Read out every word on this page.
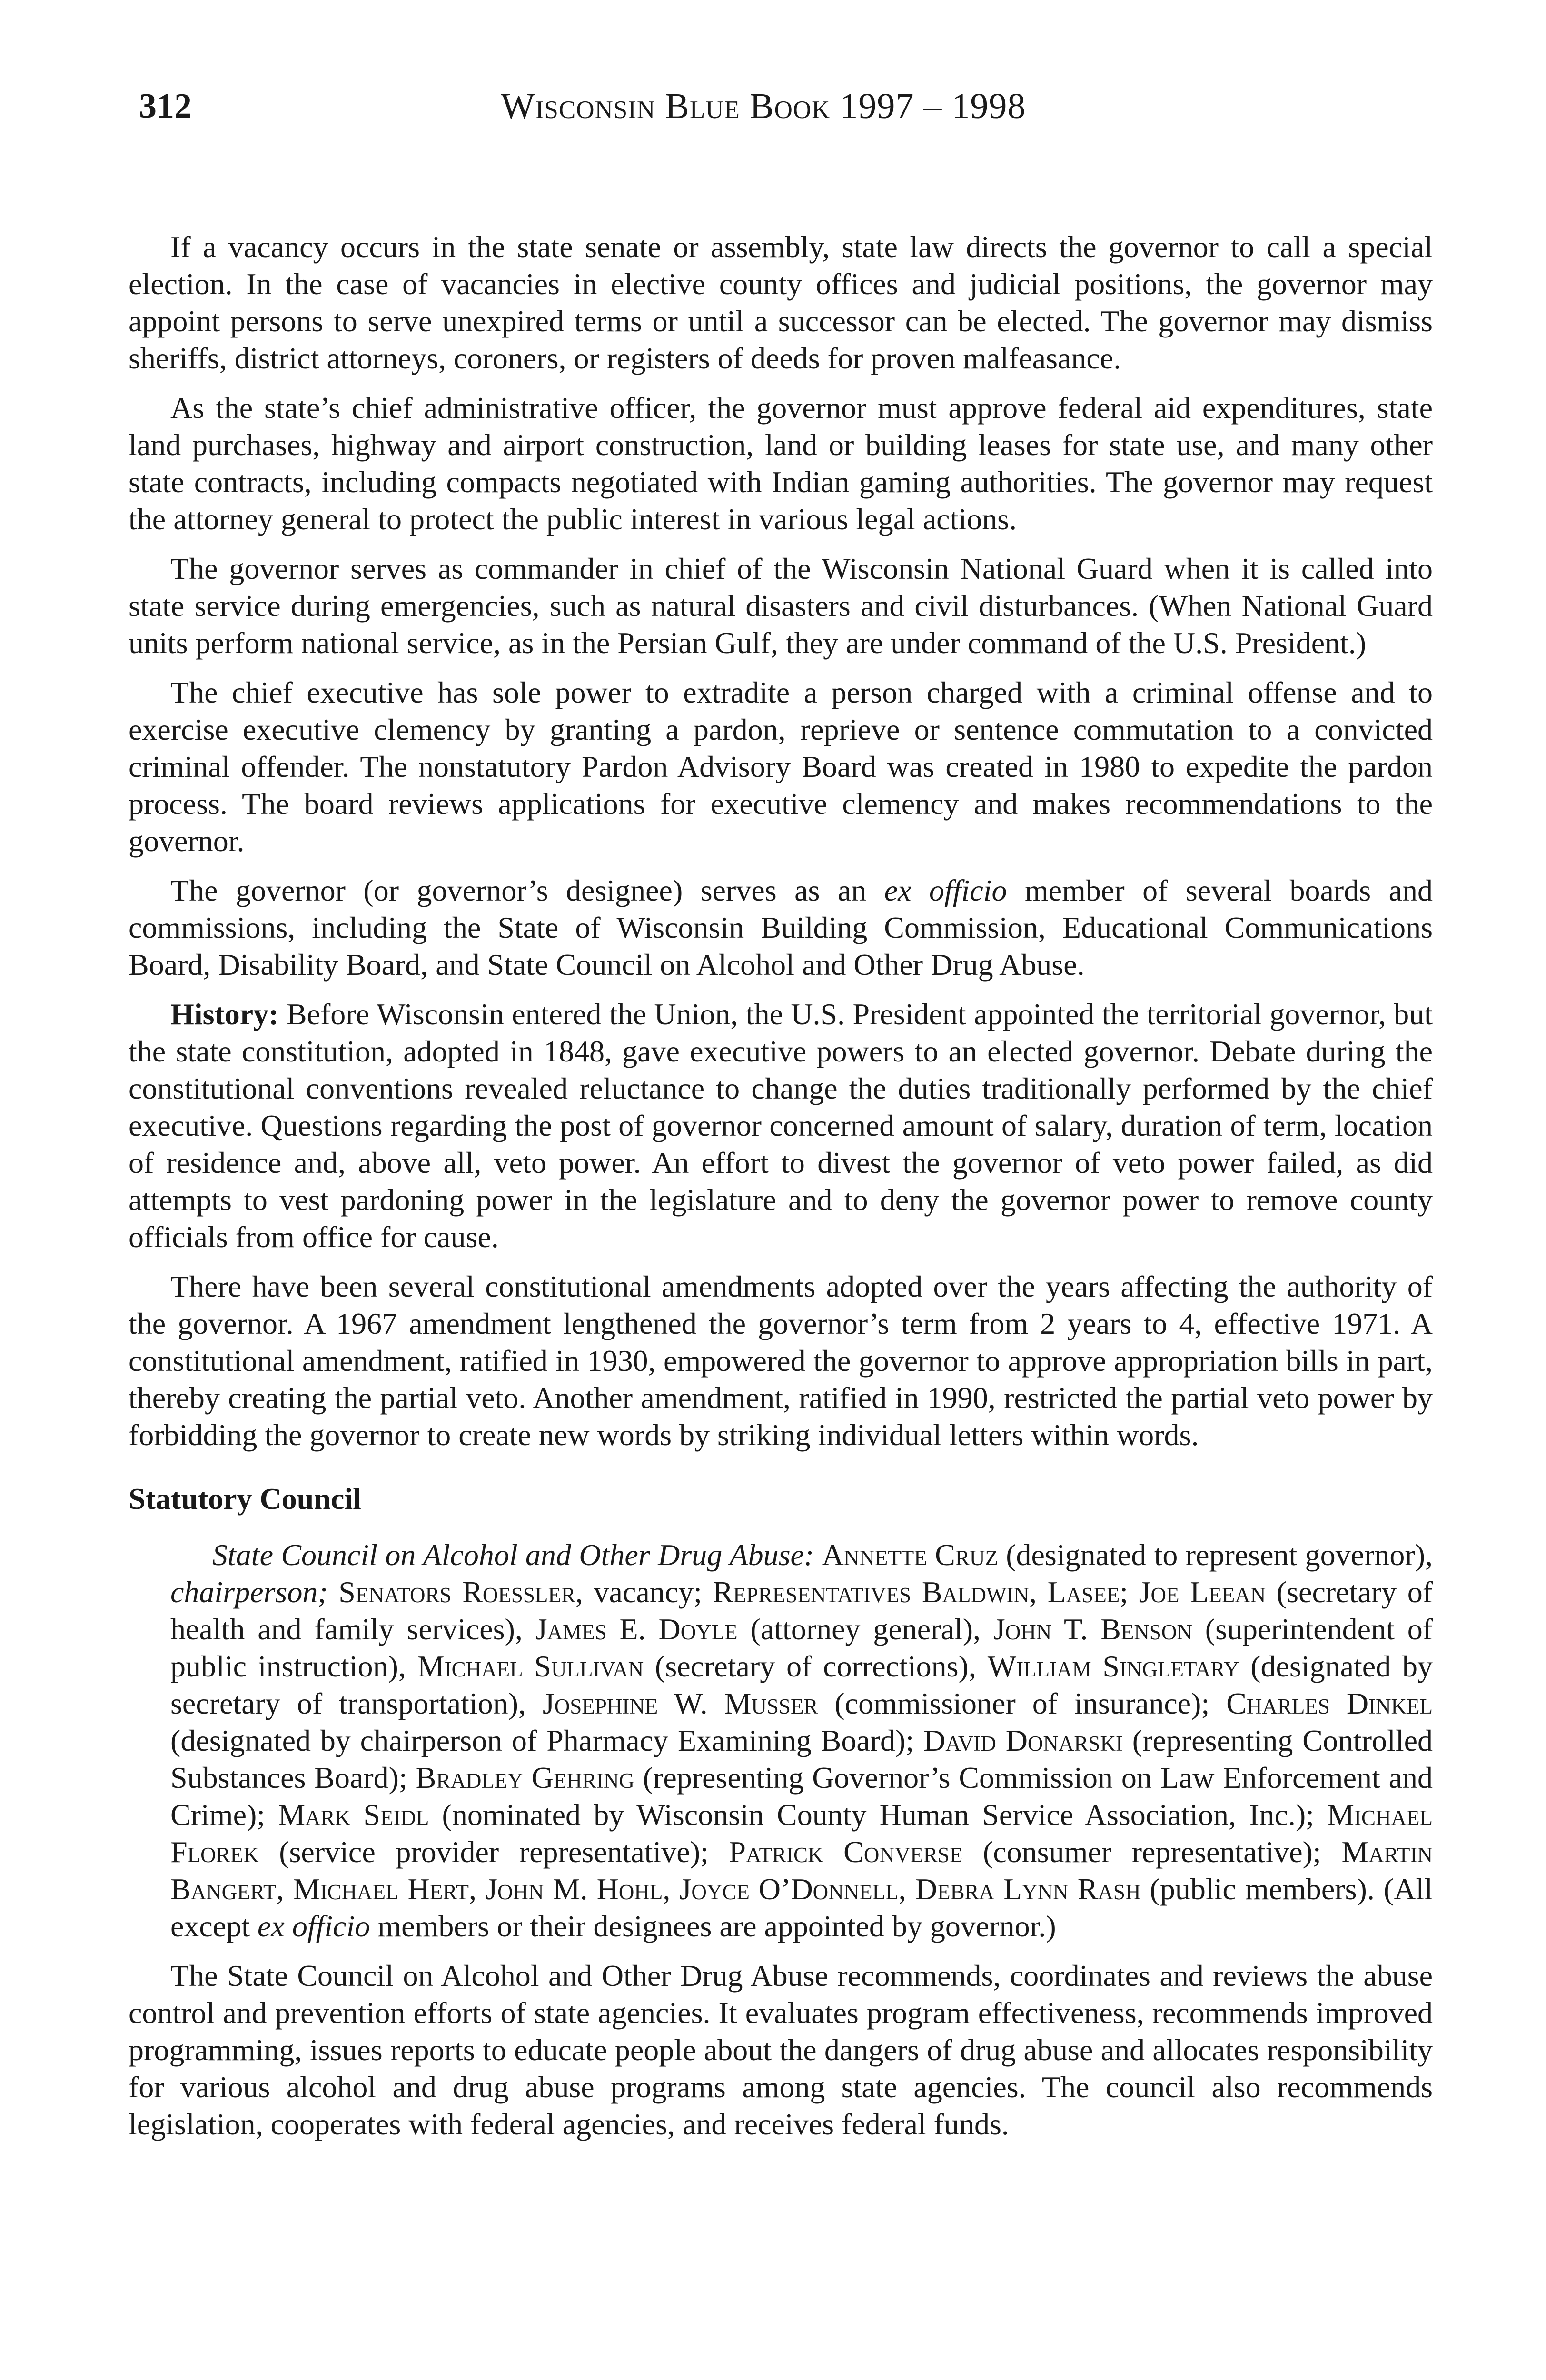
312	Wisconsin Blue Book 1997 – 1998

If a vacancy occurs in the state senate or assembly, state law directs the governor to call a special election. In the case of vacancies in elective county offices and judicial positions, the governor may appoint persons to serve unexpired terms or until a successor can be elected. The governor may dismiss sheriffs, district attorneys, coroners, or registers of deeds for proven malfeasance.

As the state’s chief administrative officer, the governor must approve federal aid expenditures, state land purchases, highway and airport construction, land or building leases for state use, and many other state contracts, including compacts negotiated with Indian gaming authorities. The governor may request the attorney general to protect the public interest in various legal actions.

The governor serves as commander in chief of the Wisconsin National Guard when it is called into state service during emergencies, such as natural disasters and civil disturbances. (When National Guard units perform national service, as in the Persian Gulf, they are under command of the U.S. President.)

The chief executive has sole power to extradite a person charged with a criminal offense and to exercise executive clemency by granting a pardon, reprieve or sentence commutation to a convicted criminal offender. The nonstatutory Pardon Advisory Board was created in 1980 to expedite the pardon process. The board reviews applications for executive clemency and makes recommendations to the governor.

The governor (or governor’s designee) serves as an ex officio member of several boards and commissions, including the State of Wisconsin Building Commission, Educational Communications Board, Disability Board, and State Council on Alcohol and Other Drug Abuse.

History: Before Wisconsin entered the Union, the U.S. President appointed the territorial governor, but the state constitution, adopted in 1848, gave executive powers to an elected governor. Debate during the constitutional conventions revealed reluctance to change the duties traditionally performed by the chief executive. Questions regarding the post of governor concerned amount of salary, duration of term, location of residence and, above all, veto power. An effort to divest the governor of veto power failed, as did attempts to vest pardoning power in the legislature and to deny the governor power to remove county officials from office for cause.

There have been several constitutional amendments adopted over the years affecting the authority of the governor. A 1967 amendment lengthened the governor’s term from 2 years to 4, effective 1971. A constitutional amendment, ratified in 1930, empowered the governor to approve appropriation bills in part, thereby creating the partial veto. Another amendment, ratified in 1990, restricted the partial veto power by forbidding the governor to create new words by striking individual letters within words.

Statutory Council

State Council on Alcohol and Other Drug Abuse: Annette Cruz (designated to represent governor), chairperson; Senators Roessler, vacancy; Representatives Baldwin, Lasee; Joe Leean (secretary of health and family services), James E. Doyle (attorney general), John T. Benson (superintendent of public instruction), Michael Sullivan (secretary of corrections), William Singletary (designated by secretary of transportation), Josephine W. Musser (commissioner of insurance); Charles Dinkel (designated by chairperson of Pharmacy Examining Board); David Donarski (representing Controlled Substances Board); Bradley Gehring (representing Governor’s Commission on Law Enforcement and Crime); Mark Seidl (nominated by Wisconsin County Human Service Association, Inc.); Michael Florek (service provider representative); Patrick Converse (consumer representative); Martin Bangert, Michael Hert, John M. Hohl, Joyce O’Donnell, Debra Lynn Rash (public members). (All except ex officio members or their designees are appointed by governor.)

The State Council on Alcohol and Other Drug Abuse recommends, coordinates and reviews the abuse control and prevention efforts of state agencies. It evaluates program effectiveness, recommends improved programming, issues reports to educate people about the dangers of drug abuse and allocates responsibility for various alcohol and drug abuse programs among state agencies. The council also recommends legislation, cooperates with federal agencies, and receives federal funds.
